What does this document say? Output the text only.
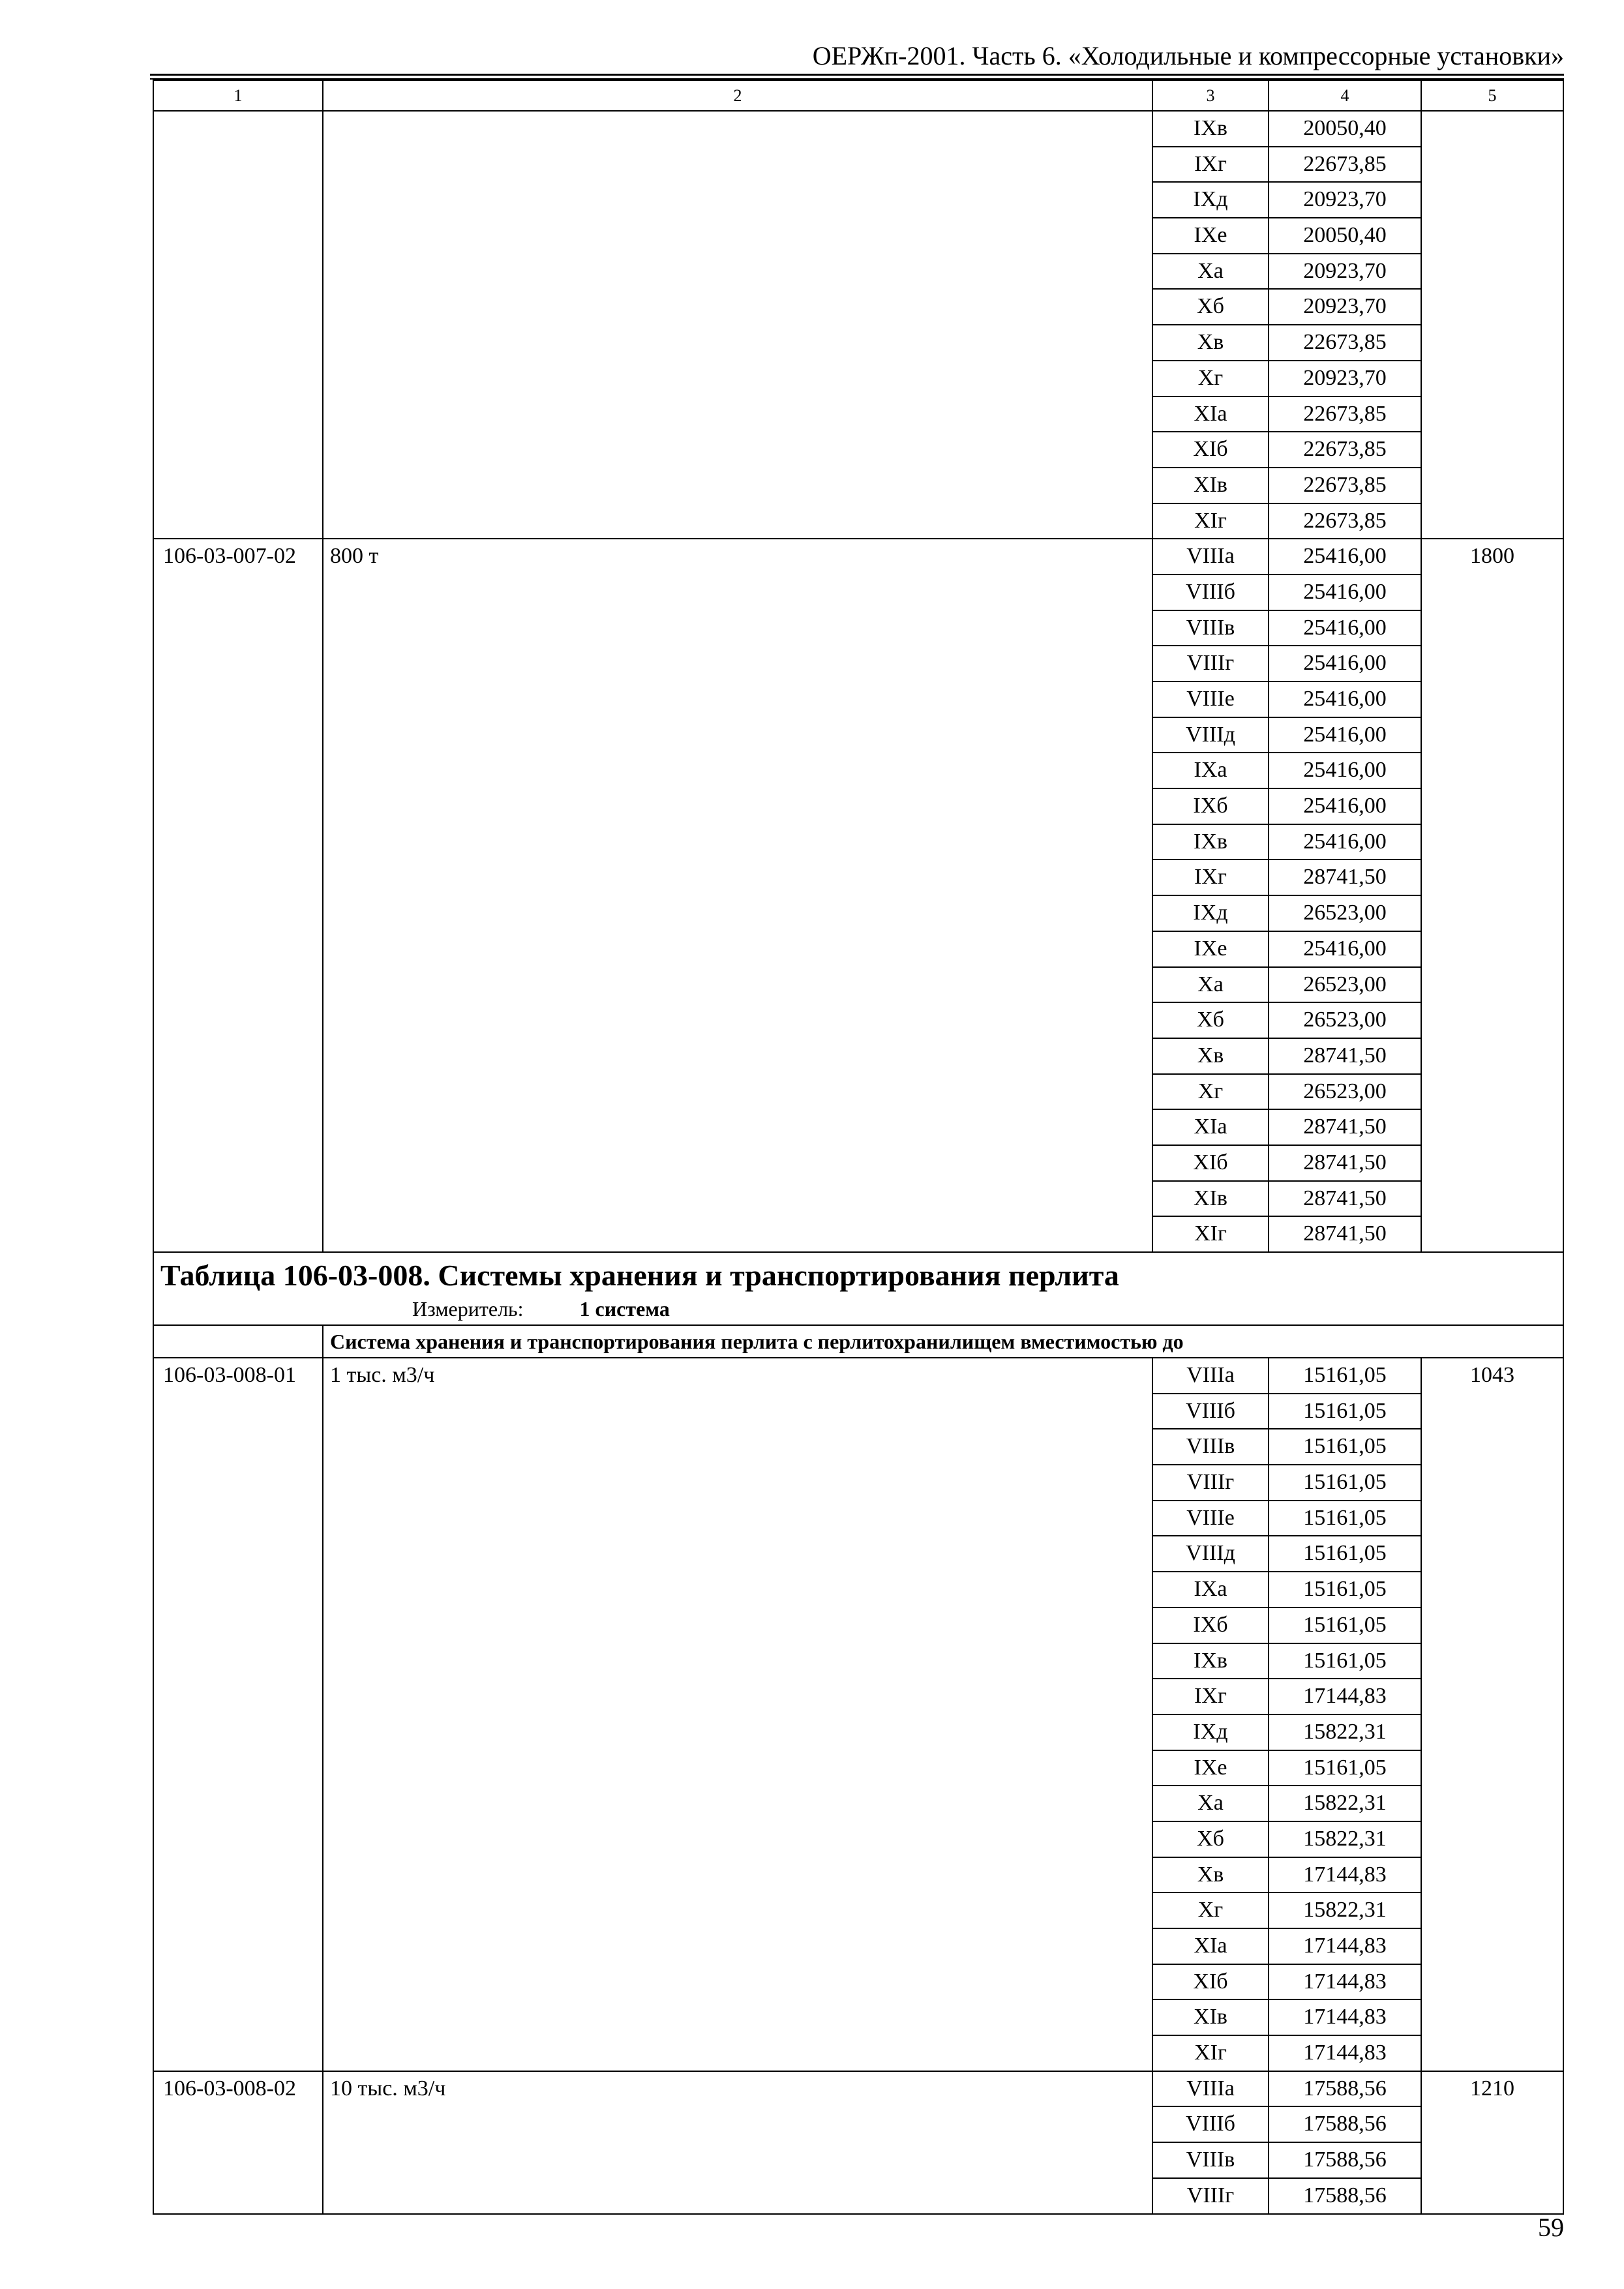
ОЕРЖп-2001. Часть 6. «Холодильные и компрессорные установки»
1	2	3	4	5
		IXв	20050,40	
		IXг	22673,85	
		IXд	20923,70	
		IXе	20050,40	
		Xа	20923,70	
		Xб	20923,70	
		Xв	22673,85	
		Xг	20923,70	
		XIа	22673,85	
		XIб	22673,85	
		XIв	22673,85	
		XIг	22673,85	
106-03-007-02	800 т	VIIIа	25416,00	1800
		VIIIб	25416,00	
		VIIIв	25416,00	
		VIIIг	25416,00	
		VIIIе	25416,00	
		VIIIд	25416,00	
		IXа	25416,00	
		IXб	25416,00	
		IXв	25416,00	
		IXг	28741,50	
		IXд	26523,00	
		IXе	25416,00	
		Xа	26523,00	
		Xб	26523,00	
		Xв	28741,50	
		Xг	26523,00	
		XIа	28741,50	
		XIб	28741,50	
		XIв	28741,50	
		XIг	28741,50	

Таблица 106-03-008. Системы хранения и транспортирования перлита
Измеритель: 1 система				

	Система хранения и транспортирования перлита с перлитохранилищем вместимостью до			
106-03-008-01	1 тыс. м3/ч	VIIIа	15161,05	1043
		VIIIб	15161,05	
		VIIIв	15161,05	
		VIIIг	15161,05	
		VIIIе	15161,05	
		VIIIд	15161,05	
		IXа	15161,05	
		IXб	15161,05	
		IXв	15161,05	
		IXг	17144,83	
		IXд	15822,31	
		IXе	15161,05	
		Xа	15822,31	
		Xб	15822,31	
		Xв	17144,83	
		Xг	15822,31	
		XIа	17144,83	
		XIб	17144,83	
		XIв	17144,83	
		XIг	17144,83	
106-03-008-02	10 тыс. м3/ч	VIIIа	17588,56	1210
		VIIIб	17588,56	
		VIIIв	17588,56	
		VIIIг	17588,56	
59
